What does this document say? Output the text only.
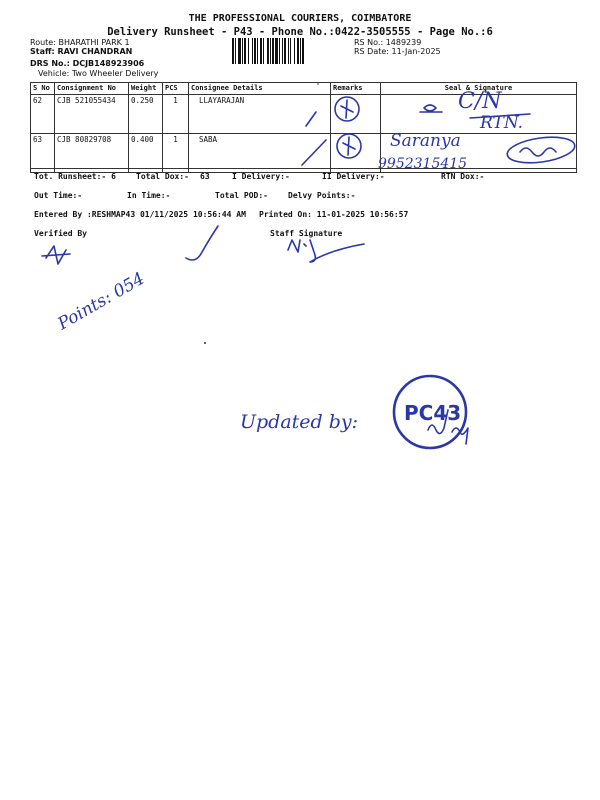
THE PROFESSIONAL COURIERS, COIMBATORE
Delivery Runsheet - P43 - Phone No.:0422-3505555 - Page No.:6
Route: BHARATHI PARK 1
Staff: RAVI CHANDRAN
DRS No.: DCJB148923906
Vehicle: Two Wheeler Delivery
RS No.: 1489239
RS Date: 11-Jan-2025
S No	Consignment No	Weight	PCS	Consignee Details	Remarks	Seal & Signature
62	CJB 521055434	0.250	1	LLAYARAJAN		
63	CJB 80829708	0.400	1	SABA		
Tot. Runsheet:- 6	Total Dox:- 63	I Delivery:-	II Delivery:-	RTN Dox:-
Out Time:-	In Time:-	Total POD:-	Delvy Points:-
Entered By :RESHMAP43 01/11/2025 10:56:44 AM Printed On: 11-01-2025 10:56:57
Verified By	Staff Signature
C/N
RTN.
Saranya
9952315415
Points: 054
Updated by: PC43
